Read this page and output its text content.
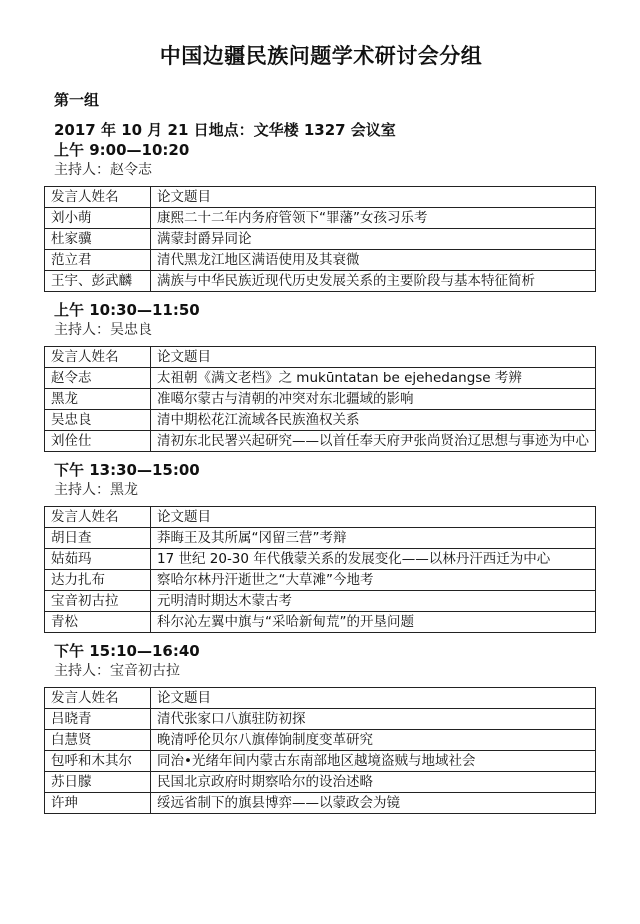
中国边疆民族问题学术研讨会分组
第一组
2017 年 10 月 21 日地点：文华楼 1327 会议室
上午 9:00—10:20
主持人：赵令志
发言人姓名	论文题目
刘小萌	康熙二十二年内务府管领下“罪藩”女孩习乐考
杜家骥	满蒙封爵异同论
范立君	清代黑龙江地区满语使用及其衰微
王宇、彭武麟	满族与中华民族近现代历史发展关系的主要阶段与基本特征简析
上午 10:30—11:50
主持人：吴忠良
发言人姓名	论文题目
赵令志	太祖朝《满文老档》之 mukūntatan be ejehedangse 考辨
黑龙	准噶尔蒙古与清朝的冲突对东北疆域的影响
吴忠良	清中期松花江流域各民族渔权关系
刘佺仕	清初东北民署兴起研究——以首任奉天府尹张尚贤治辽思想与事迹为中心
下午 13:30—15:00
主持人：黑龙
发言人姓名	论文题目
胡日查	莽晦王及其所属“冈留三营”考辩
姑茹玛	17 世纪 20-30 年代俄蒙关系的发展变化——以林丹汗西迁为中心
达力扎布	察哈尔林丹汗逝世之“大草滩”今地考
宝音初古拉	元明清时期达木蒙古考
青松	科尔沁左翼中旗与“采哈新甸荒”的开垦问题
下午 15:10—16:40
主持人：宝音初古拉
发言人姓名	论文题目
吕晓青	清代张家口八旗驻防初探
白慧贤	晚清呼伦贝尔八旗俸饷制度变革研究
包呼和木其尔	同治•光绪年间内蒙古东南部地区越境盗贼与地域社会
苏日朦	民国北京政府时期察哈尔的设治述略
许珅	绥远省制下的旗县博弈——以蒙政会为镜
